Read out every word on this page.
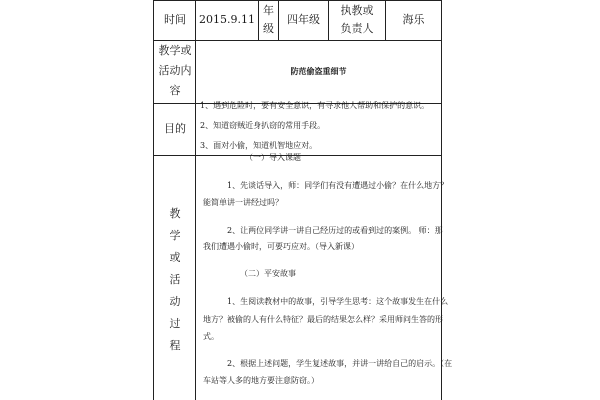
时间	2015.9.11
年
级
四年级
执教或
负责人
海乐
教学或
活动内
容
防范偷盗重细节
目的
1、遇到危险时，要有安全意识，有寻求他人帮助和保护的意识。
2、知道窃贼近身扒窃的常用手段。
3、面对小偷，知道机智地应对。
教
学
或
活
动
过
程
（一）导入课题
1、先谈话导入，师：同学们有没有遭遇过小偷？在什么地方？
能简单讲一讲经过吗？
2、让两位同学讲一讲自己经历过的或看到过的案例。 师：那
我们遭遇小偷时，可要巧应对。（导入新课）
（二）平安故事
1、生阅读教材中的故事，引导学生思考：这个故事发生在什么
地方？被偷的人有什么特征？最后的结果怎么样？采用师问生答的形
式。
2、根据上述问题，学生复述故事，并讲一讲给自己的启示。（在
车站等人多的地方要注意防窃。）
